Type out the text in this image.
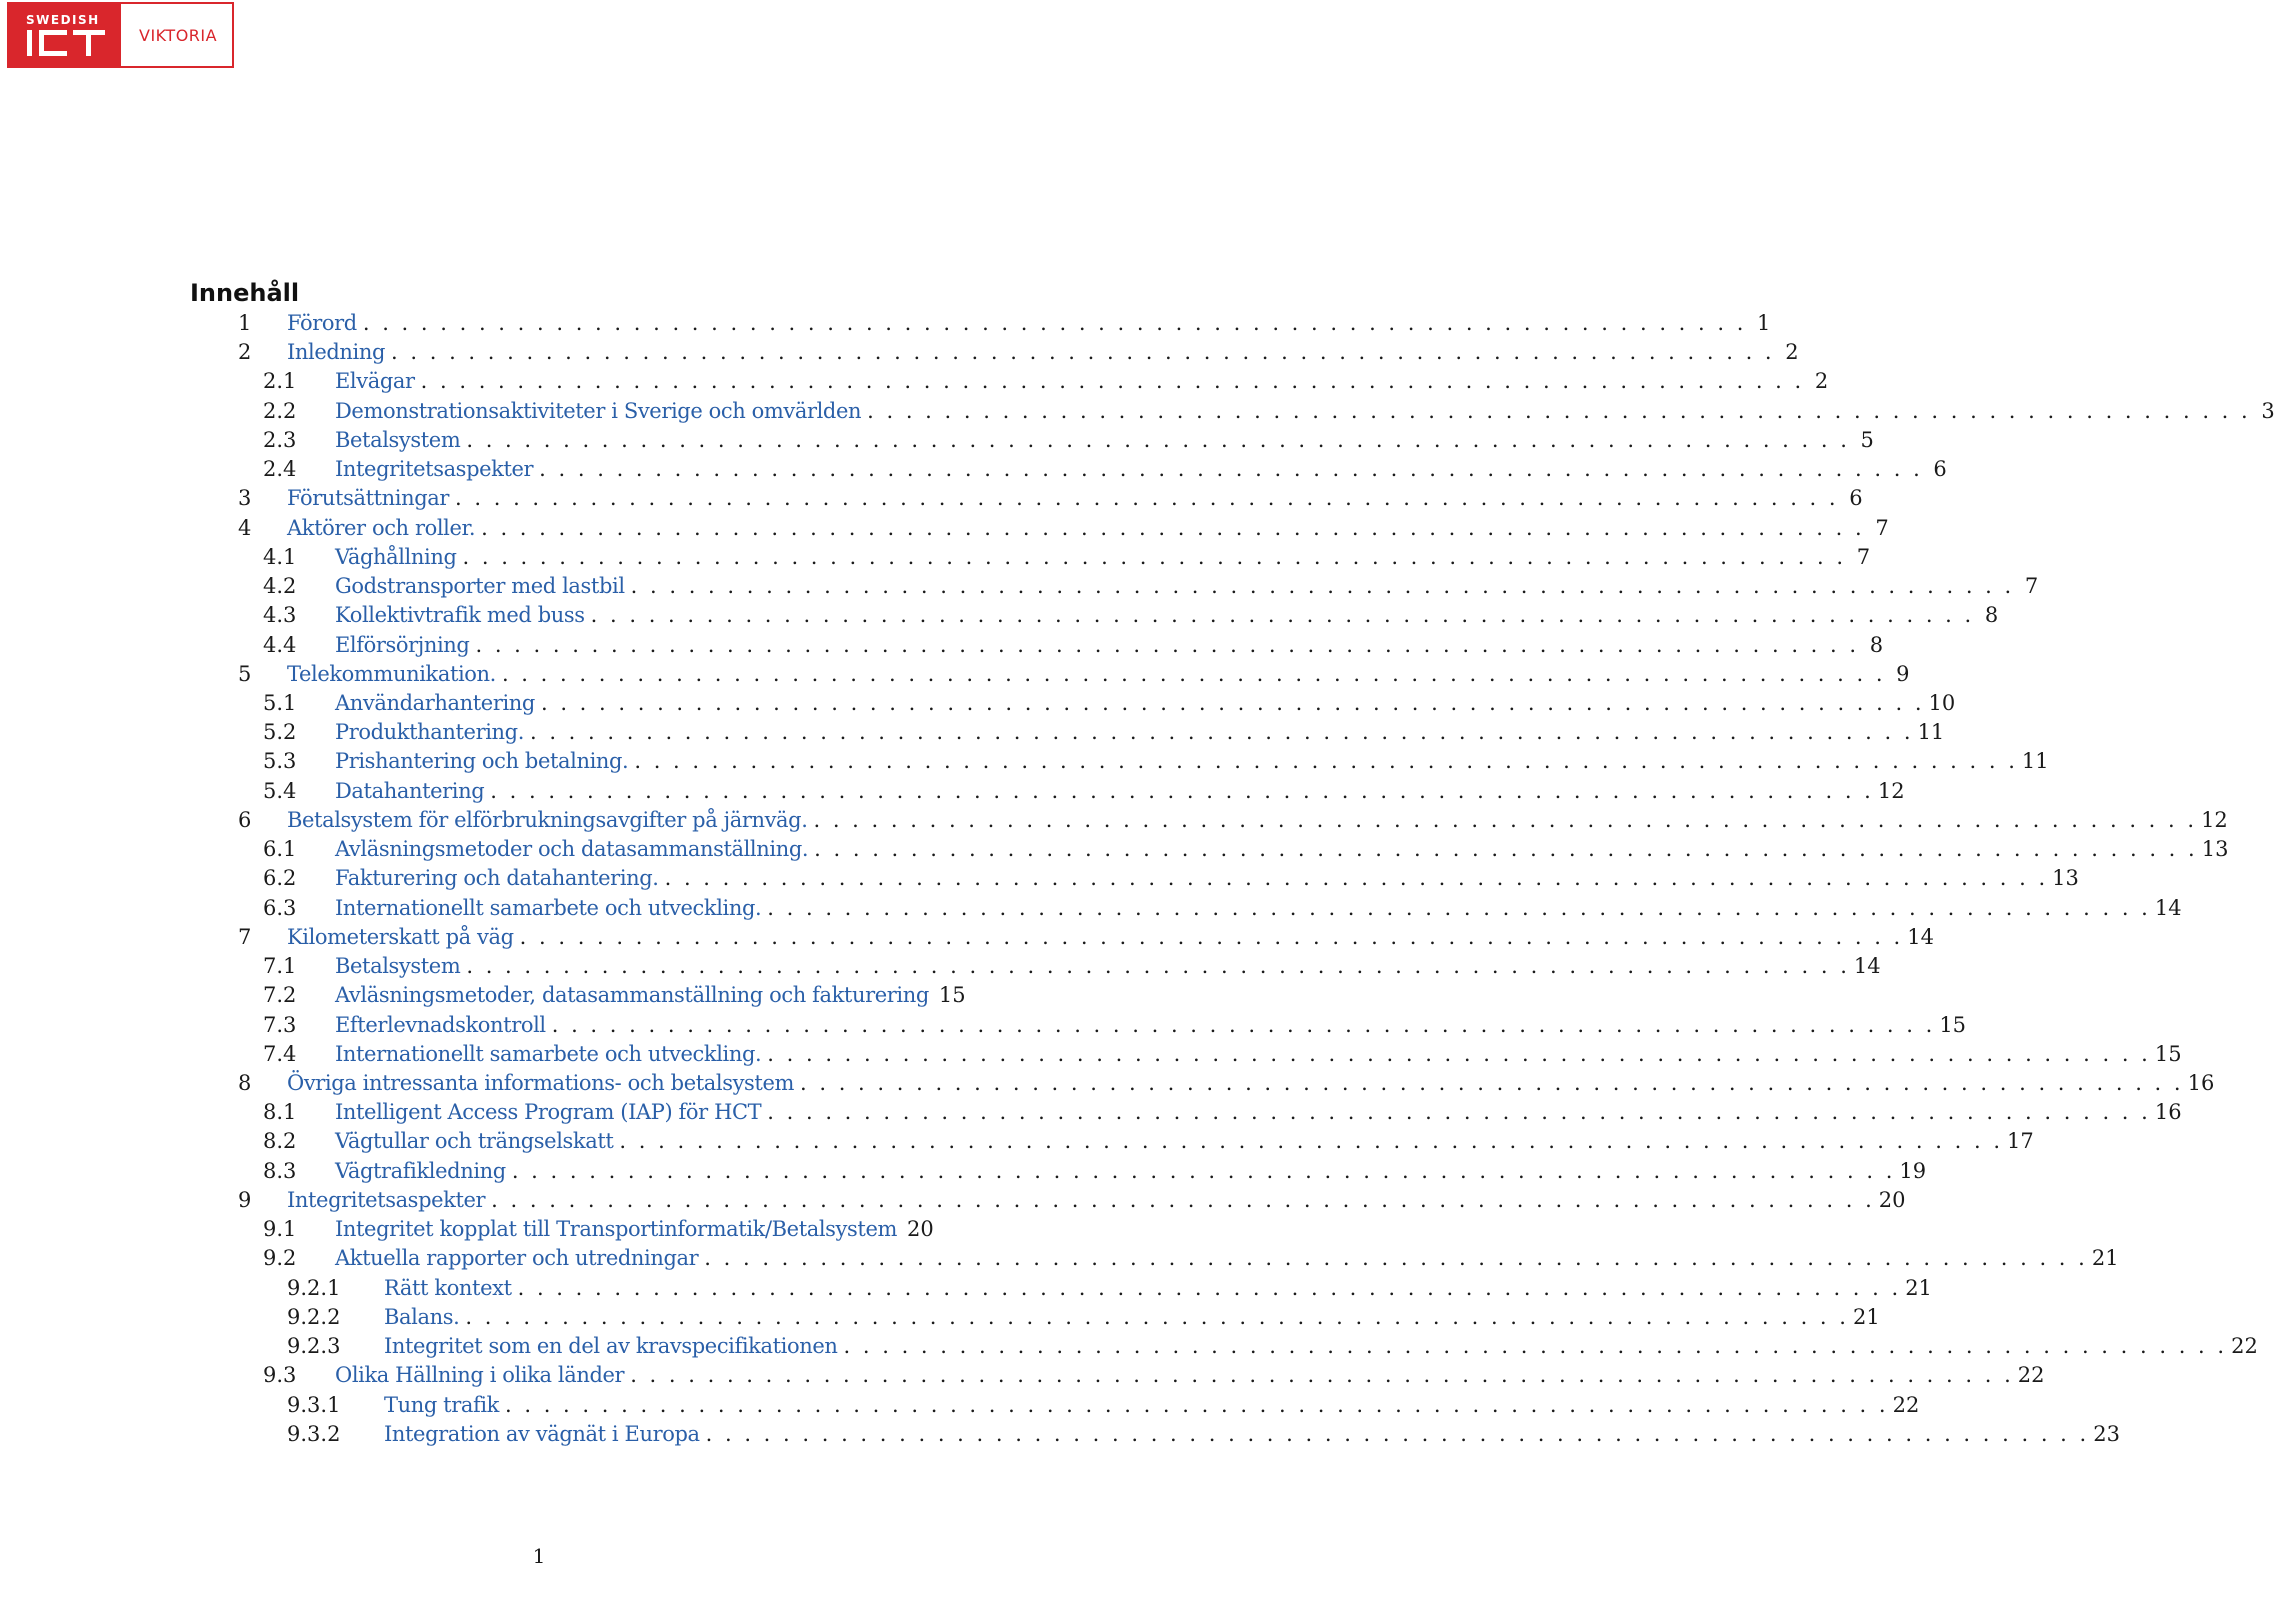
SWEDISH
VIKTORIA
Innehåll
1 Förord . . .	1
2 Inledning . . .	2
2.1 Elvägar . . .	2
2.2 Demonstrationsaktiviteter i Sverige och omvärlden . . .	3
2.3 Betalsystem . . .	5
2.4 Integritetsaspekter . . .	6
3 Förutsättningar . . .	6
4 Aktörer och roller. . . .	7
4.1 Väghållning . . .	7
4.2 Godstransporter med lastbil . . .	7
4.3 Kollektivtrafik med buss . . .	8
4.4 Elförsörjning . . .	8
5 Telekommunikation. . . .	9
5.1 Användarhantering . . .	10
5.2 Produkthantering. . . .	11
5.3 Prishantering och betalning. . . .	11
5.4 Datahantering . . .	12
6 Betalsystem för elförbrukningsavgifter på järnväg. . . .	12
6.1 Avläsningsmetoder och datasammanställning. . . .	13
6.2 Fakturering och datahantering. . . .	13
6.3 Internationellt samarbete och utveckling. . . .	14
7 Kilometerskatt på väg . . .	14
7.1 Betalsystem . . .	14
7.2 Avläsningsmetoder, datasammanställning och fakturering 15
7.3 Efterlevnadskontroll . . .	15
7.4 Internationellt samarbete och utveckling. . . .	15
8 Övriga intressanta informations- och betalsystem . . .	16
8.1 Intelligent Access Program (IAP) för HCT . . .	16
8.2 Vägtullar och trängselskatt . . .	17
8.3 Vägtrafikledning . . .	19
9 Integritetsaspekter . . .	20
9.1 Integritet kopplat till Transportinformatik/Betalsystem 20
9.2 Aktuella rapporter och utredningar . . .	21
9.2.1 Rätt kontext . . .	21
9.2.2 Balans. . . .	21
9.2.3 Integritet som en del av kravspecifikationen . . .	22
9.3 Olika Hällning i olika länder . . .	22
9.3.1 Tung trafik . . .	22
9.3.2 Integration av vägnät i Europa . . .	23
1
